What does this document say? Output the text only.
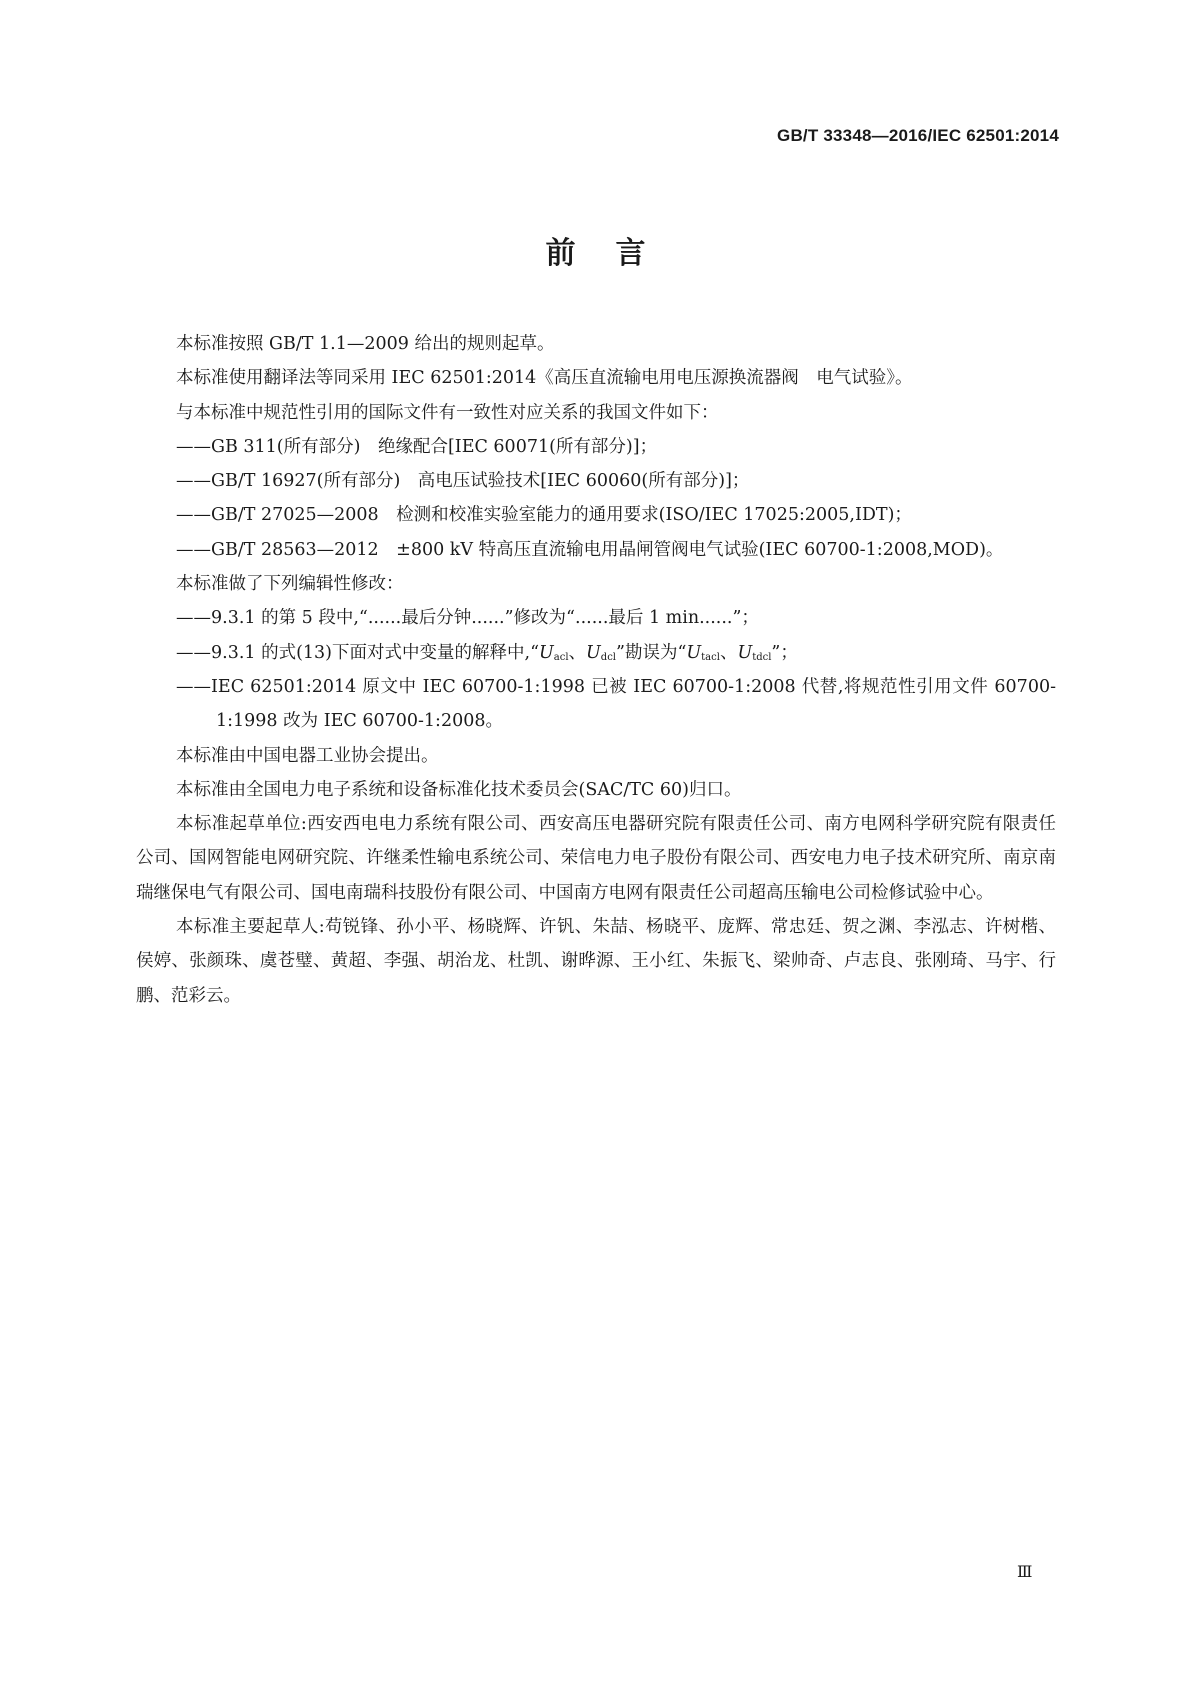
GB/T 33348—2016/IEC 62501:2014
前言

本标准按照 GB/T 1.1—2009 给出的规则起草。

本标准使用翻译法等同采用 IEC 62501:2014《高压直流输电用电压源换流器阀　电气试验》。

与本标准中规范性引用的国际文件有一致性对应关系的我国文件如下：

——GB 311(所有部分)　绝缘配合[IEC 60071(所有部分)]；

——GB/T 16927(所有部分)　高电压试验技术[IEC 60060(所有部分)]；

——GB/T 27025—2008　检测和校准实验室能力的通用要求(ISO/IEC 17025:2005,IDT)；

——GB/T 28563—2012　±800 kV 特高压直流输电用晶闸管阀电气试验(IEC 60700-1:2008,MOD)。

本标准做了下列编辑性修改：

——9.3.1 的第 5 段中,“......最后分钟......”修改为“......最后 1 min......”；

——9.3.1 的式(13)下面对式中变量的解释中$,“U_{acl}$、$U_{dcl}$”勘误为“$U_{tacl}$、$U_{tdcl}$”；

——IEC 62501:2014 原文中 IEC 60700-1:1998 已被 IEC 60700-1:2008 代替,将规范性引用文件 60700-1:1998 改为 IEC 60700-1:2008。

本标准由中国电器工业协会提出。

本标准由全国电力电子系统和设备标准化技术委员会(SAC/TC 60)归口。

本标准起草单位:西安西电电力系统有限公司、西安高压电器研究院有限责任公司、南方电网科学研究院有限责任公司、国网智能电网研究院、许继柔性输电系统公司、荣信电力电子股份有限公司、西安电力电子技术研究所、南京南瑞继保电气有限公司、国电南瑞科技股份有限公司、中国南方电网有限责任公司超高压输电公司检修试验中心。

本标准主要起草人:苟锐锋、孙小平、杨晓辉、许钒、朱喆、杨晓平、庞辉、常忠廷、贺之渊、李泓志、许树楷、侯婷、张颜珠、虞苍璧、黄超、李强、胡治龙、杜凯、谢晔源、王小红、朱振飞、梁帅奇、卢志良、张刚琦、马宇、行鹏、范彩云。

Ⅲ
